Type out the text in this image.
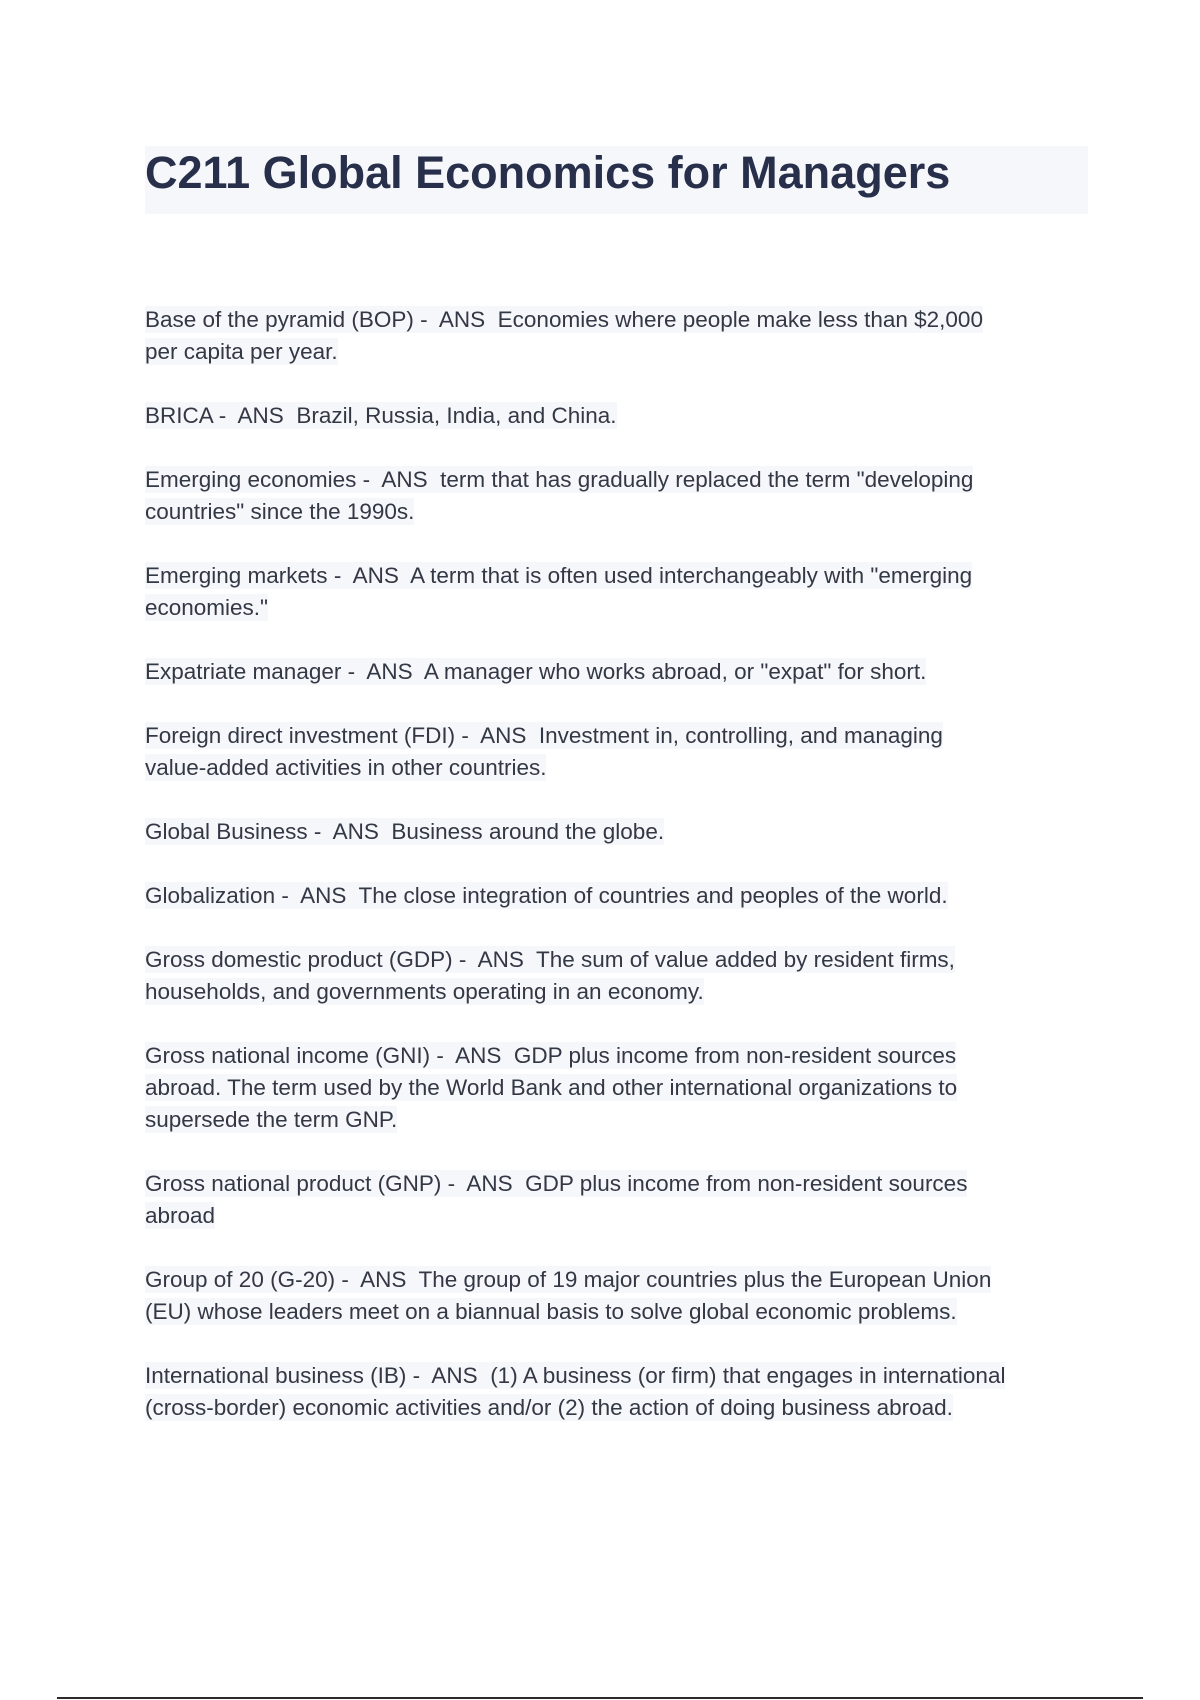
C211 Global Economics for Managers

Base of the pyramid (BOP) -  ANS  Economies where people make less than $2,000
per capita per year.

BRICA -  ANS  Brazil, Russia, India, and China.

Emerging economies -  ANS  term that has gradually replaced the term "developing
countries" since the 1990s.

Emerging markets -  ANS  A term that is often used interchangeably with "emerging
economies."

Expatriate manager -  ANS  A manager who works abroad, or "expat" for short.

Foreign direct investment (FDI) -  ANS  Investment in, controlling, and managing
value-added activities in other countries.

Global Business -  ANS  Business around the globe.

Globalization -  ANS  The close integration of countries and peoples of the world.

Gross domestic product (GDP) -  ANS  The sum of value added by resident firms,
households, and governments operating in an economy.

Gross national income (GNI) -  ANS  GDP plus income from non-resident sources
abroad. The term used by the World Bank and other international organizations to
supersede the term GNP.

Gross national product (GNP) -  ANS  GDP plus income from non-resident sources
abroad

Group of 20 (G-20) -  ANS  The group of 19 major countries plus the European Union
(EU) whose leaders meet on a biannual basis to solve global economic problems.

International business (IB) -  ANS  (1) A business (or firm) that engages in international
(cross-border) economic activities and/or (2) the action of doing business abroad.
